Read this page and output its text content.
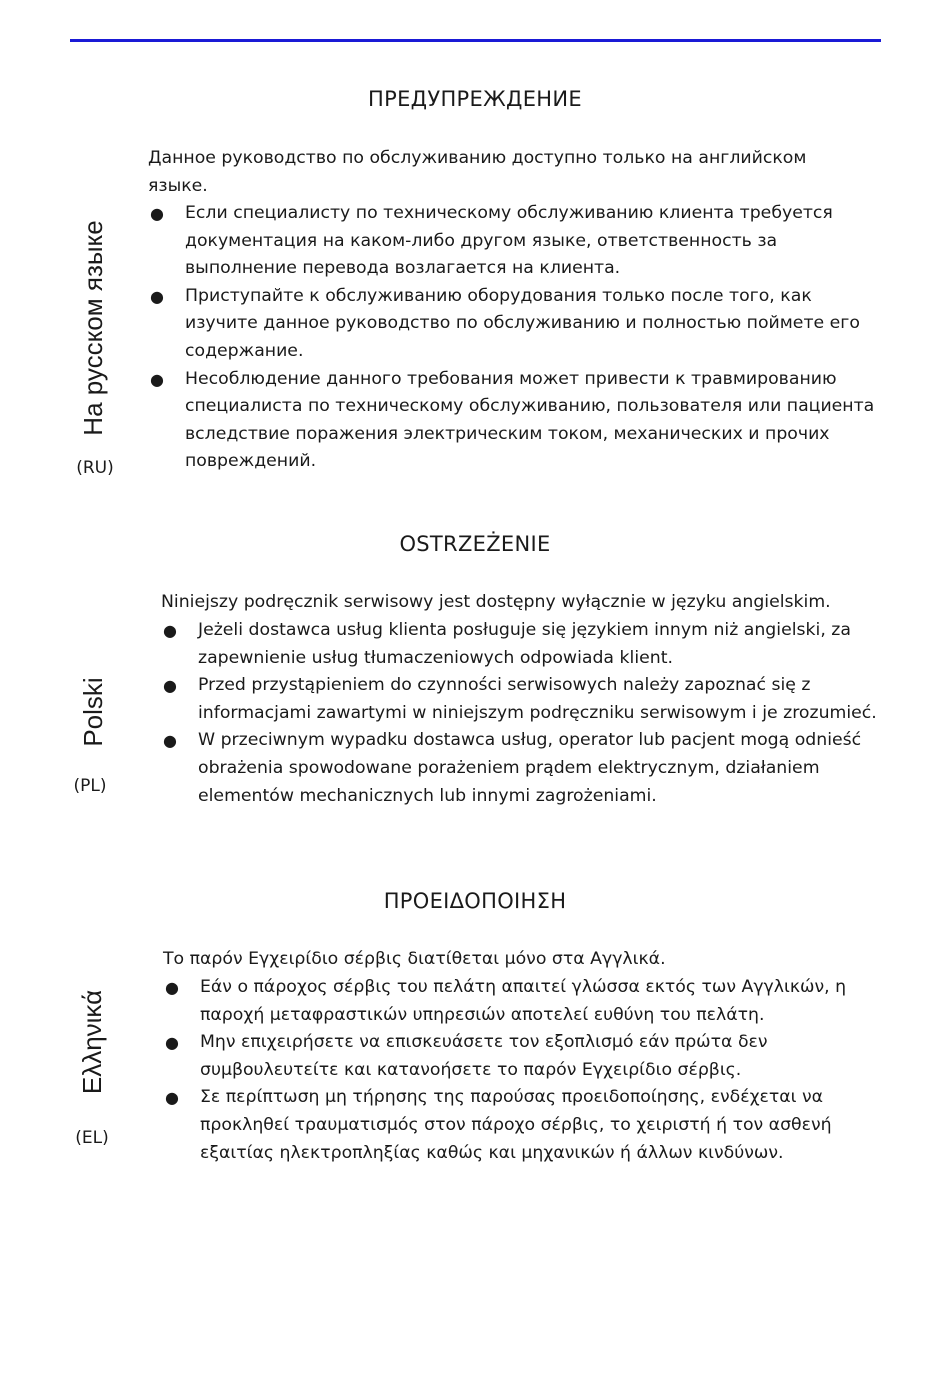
ПРЕДУПРЕЖДЕНИЕ
На русском языке
(RU)

Данное руководство по обслуживанию доступно только на английском языке.

● Если специалисту по техническому обслуживанию клиента требуется документация на каком-либо другом языке, ответственность за выполнение перевода возлагается на клиента.
● Приступайте к обслуживанию оборудования только после того, как изучите данное руководство по обслуживанию и полностью поймете его содержание.
● Несоблюдение данного требования может привести к травмированию специалиста по техническому обслуживанию, пользователя или пациента вследствие поражения электрическим током, механических и прочих повреждений.
OSTRZEŻENIE
Polski
(PL)

Niniejszy podręcznik serwisowy jest dostępny wyłącznie w języku angielskim.

● Jeżeli dostawca usług klienta posługuje się językiem innym niż angielski, za zapewnienie usług tłumaczeniowych odpowiada klient.
● Przed przystąpieniem do czynności serwisowych należy zapoznać się z informacjami zawartymi w niniejszym podręczniku serwisowym i je zrozumieć.
● W przeciwnym wypadku dostawca usług, operator lub pacjent mogą odnieść obrażenia spowodowane porażeniem prądem elektrycznym, działaniem elementów mechanicznych lub innymi zagrożeniami.
ΠΡΟΕΙΔΟΠΟΙΗΣΗ
Ελληνικά
(EL)

Το παρόν Εγχειρίδιο σέρβις διατίθεται μόνο στα Αγγλικά.

● Εάν ο πάροχος σέρβις του πελάτη απαιτεί γλώσσα εκτός των Αγγλικών, η παροχή μεταφραστικών υπηρεσιών αποτελεί ευθύνη του πελάτη.
● Μην επιχειρήσετε να επισκευάσετε τον εξοπλισμό εάν πρώτα δεν συμβουλευτείτε και κατανοήσετε το παρόν Εγχειρίδιο σέρβις.
● Σε περίπτωση μη τήρησης της παρούσας προειδοποίησης, ενδέχεται να προκληθεί τραυματισμός στον πάροχο σέρβις, το χειριστή ή τον ασθενή εξαιτίας ηλεκτροπληξίας καθώς και μηχανικών ή άλλων κινδύνων.
